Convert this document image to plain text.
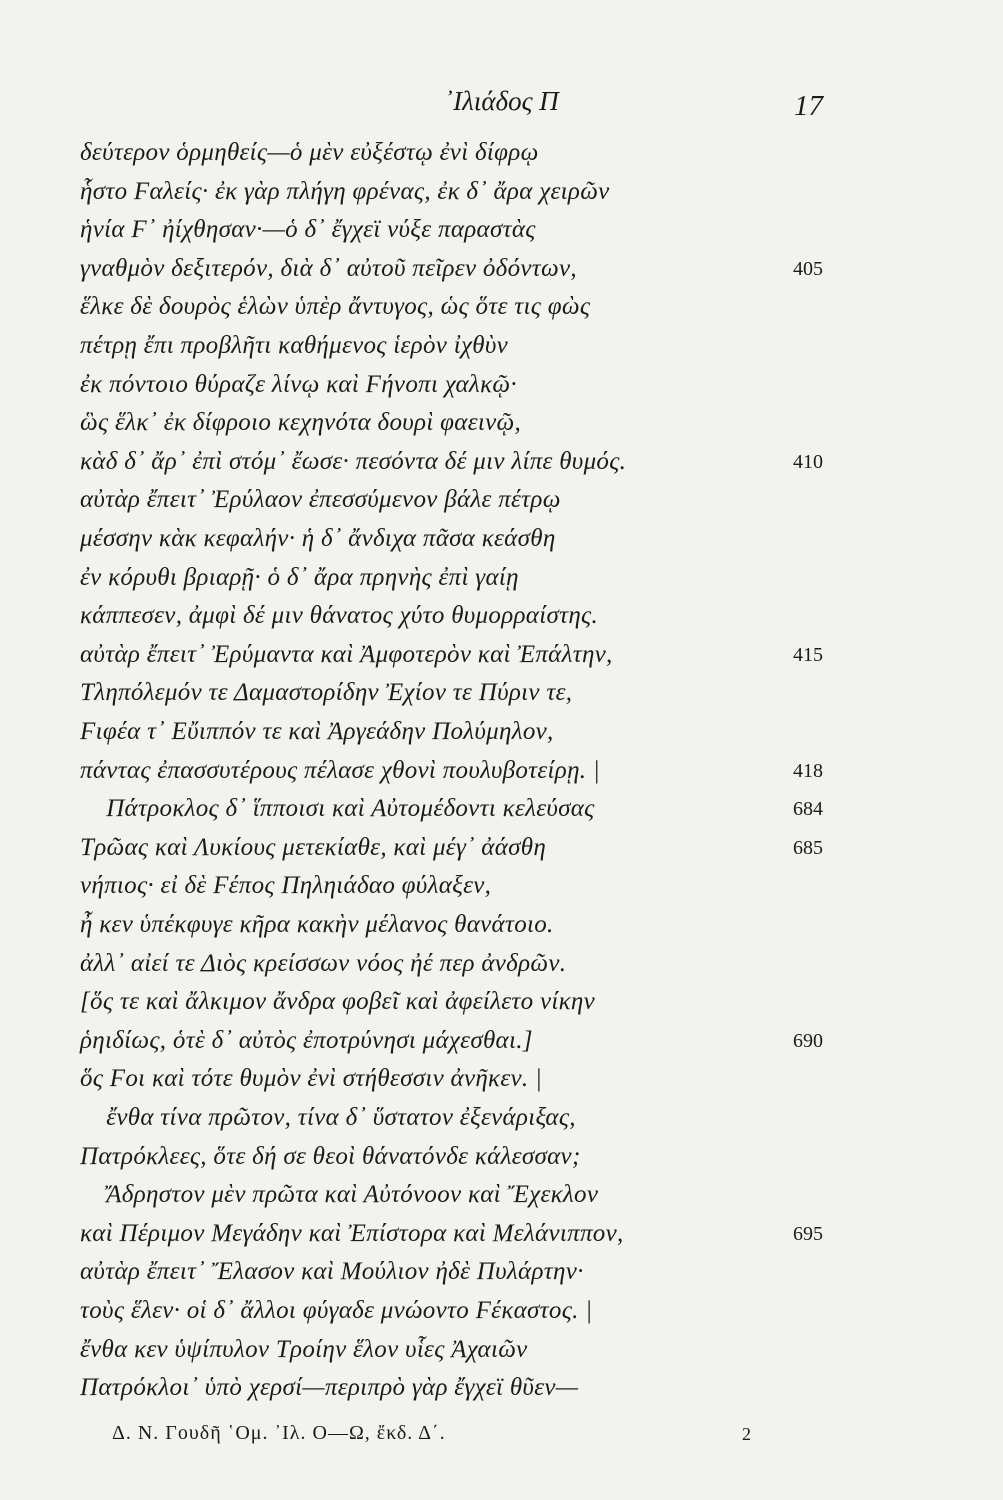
᾿Ιλιάδος Π	17
δεύτερον ὁρμηθείς—ὁ μὲν εὐξέστῳ ἐνὶ δίφρῳ
ἧστο Ϝαλείς· ἐκ γὰρ πλήγη φρένας, ἐκ δ᾽ ἄρα χειρῶν
ἡνία Ϝ᾽ ἠίχθησαν·—ὁ δ᾽ ἔγχεϊ νύξε παραστὰς
γναθμὸν δεξιτερόν, διὰ δ᾽ αὐτοῦ πεῖρεν ὀδόντων,	405
ἕλκε δὲ δουρὸς ἑλὼν ὑπὲρ ἄντυγος, ὡς ὅτε τις φὼς
πέτρῃ ἔπι προβλῆτι καθήμενος ἱερὸν ἰχθὺν
ἐκ πόντοιο θύραζε λίνῳ καὶ Ϝήνοπι χαλκῷ·
ὣς ἕλκ᾽ ἐκ δίφροιο κεχηνότα δουρὶ φαεινῷ,
κὰδ δ᾽ ἄρ᾽ ἐπὶ στόμ᾽ ἔωσε· πεσόντα δέ μιν λίπε θυμός.	410
αὐτὰρ ἔπειτ᾽ Ἐρύλαον ἐπεσσύμενον βάλε πέτρῳ
μέσσην κὰκ κεφαλήν· ἡ δ᾽ ἄνδιχα πᾶσα κεάσθη
ἐν κόρυθι βριαρῇ· ὁ δ᾽ ἄρα πρηνὴς ἐπὶ γαίῃ
κάππεσεν, ἀμφὶ δέ μιν θάνατος χύτο θυμορραίστης.
αὐτὰρ ἔπειτ᾽ Ἐρύμαντα καὶ Ἀμφοτερὸν καὶ Ἐπάλτην,	415
Τληπόλεμόν τε Δαμαστορίδην Ἐχίον τε Πύριν τε,
Ϝιφέα τ᾽ Εὔιππόν τε καὶ Ἀργεάδην Πολύμηλον,
πάντας ἐπασσυτέρους πέλασε χθονὶ πουλυβοτείρῃ. |	418
Πάτροκλος δ᾽ ἵπποισι καὶ Αὐτομέδοντι κελεύσας	684
Τρῶας καὶ Λυκίους μετεκίαθε, καὶ μέγ᾽ ἀάσθη	685
νήπιος· εἰ δὲ Ϝέπος Πηληιάδαο φύλαξεν,
ἦ κεν ὑπέκφυγε κῆρα κακὴν μέλανος θανάτοιο.
ἀλλ᾽ αἰεί τε Διὸς κρείσσων νόος ἠέ περ ἀνδρῶν.
[ὅς τε καὶ ἄλκιμον ἄνδρα φοβεῖ καὶ ἀφείλετο νίκην
ῥηιδίως, ὁτὲ δ᾽ αὐτὸς ἐποτρύνησι μάχεσθαι.]	690
ὅς Ϝοι καὶ τότε θυμὸν ἐνὶ στήθεσσιν ἀνῆκεν. |
ἔνθα τίνα πρῶτον, τίνα δ᾽ ὕστατον ἐξενάριξας,
Πατρόκλεες, ὅτε δή σε θεοὶ θάνατόνδε κάλεσσαν;
Ἄδρηστον μὲν πρῶτα καὶ Αὐτόνοον καὶ Ἔχεκλον
καὶ Πέριμον Μεγάδην καὶ Ἐπίστορα καὶ Μελάνιππον,	695
αὐτὰρ ἔπειτ᾽ Ἔλασον καὶ Μούλιον ἠδὲ Πυλάρτην·
τοὺς ἕλεν· οἱ δ᾽ ἄλλοι φύγαδε μνώοντο Ϝέκαστος. |
ἔνθα κεν ὑψίπυλον Τροίην ἕλον υἷες Ἀχαιῶν
Πατρόκλοι᾽ ὑπὸ χερσί—περιπρὸ γὰρ ἔγχεϊ θῦεν—
Δ. Ν. Γουδῆ ῾Ομ. ᾿Ιλ. Ο—Ω, ἔκδ. Δ΄.	2
